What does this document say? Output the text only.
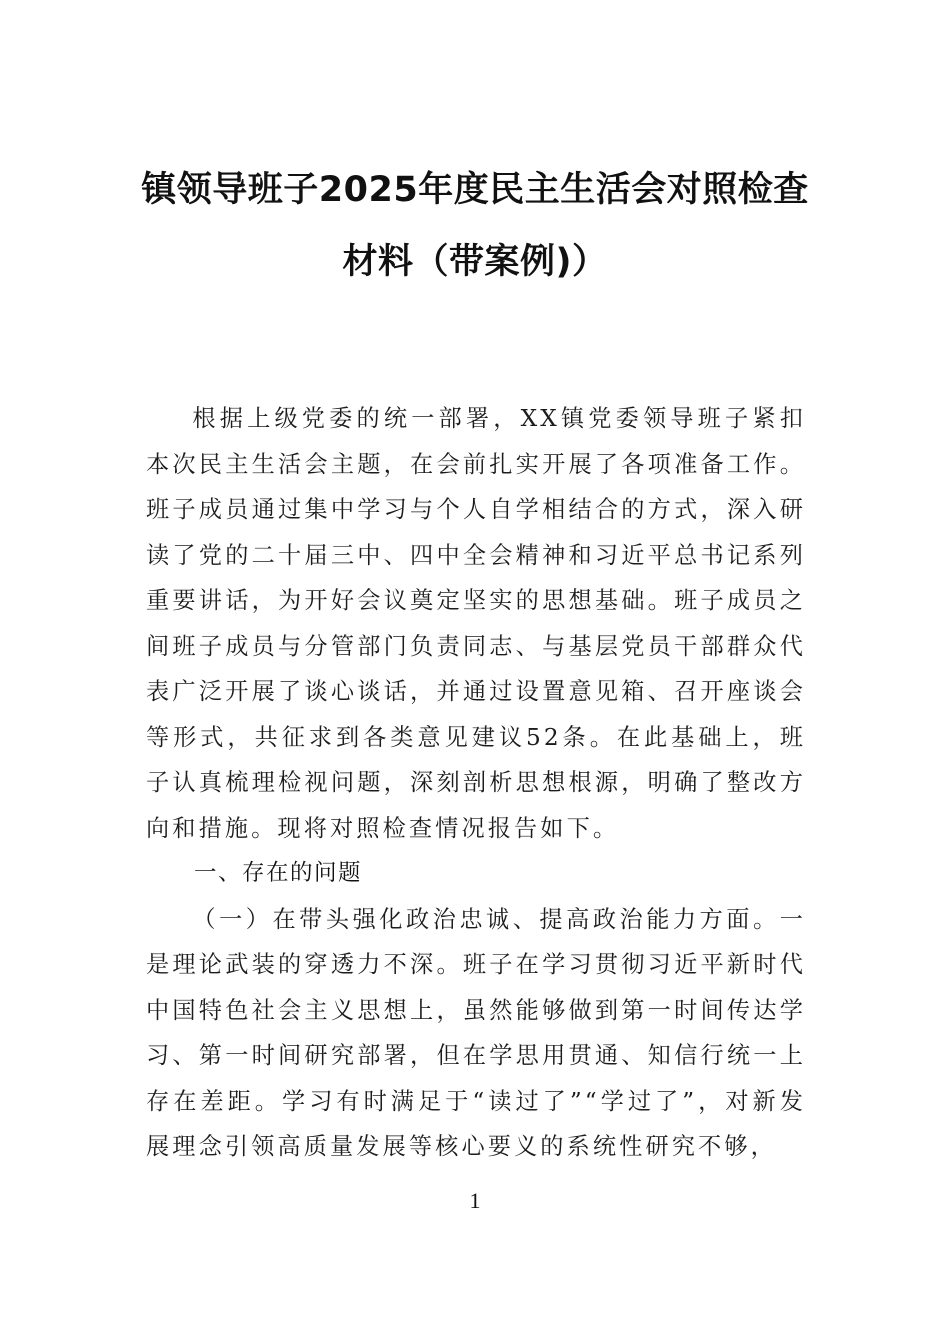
镇领导班子2025年度民主生活会对照检查
材料（带案例)）

根据上级党委的统一部署，XX镇党委领导班子紧扣本次民主生活会主题，在会前扎实开展了各项准备工作。班子成员通过集中学习与个人自学相结合的方式，深入研读了党的二十届三中、四中全会精神和习近平总书记系列重要讲话，为开好会议奠定坚实的思想基础。班子成员之间班子成员与分管部门负责同志、与基层党员干部群众代表广泛开展了谈心谈话，并通过设置意见箱、召开座谈会等形式，共征求到各类意见建议52条。在此基础上，班子认真梳理检视问题，深刻剖析思想根源，明确了整改方向和措施。现将对照检查情况报告如下。

一、存在的问题

（一）在带头强化政治忠诚、提高政治能力方面。一是理论武装的穿透力不深。班子在学习贯彻习近平新时代中国特色社会主义思想上，虽然能够做到第一时间传达学习、第一时间研究部署，但在学思用贯通、知信行统一上存在差距。学习有时满足于“读过了”“学过了”，对新发展理念引领高质量发展等核心要义的系统性研究不够，

1
